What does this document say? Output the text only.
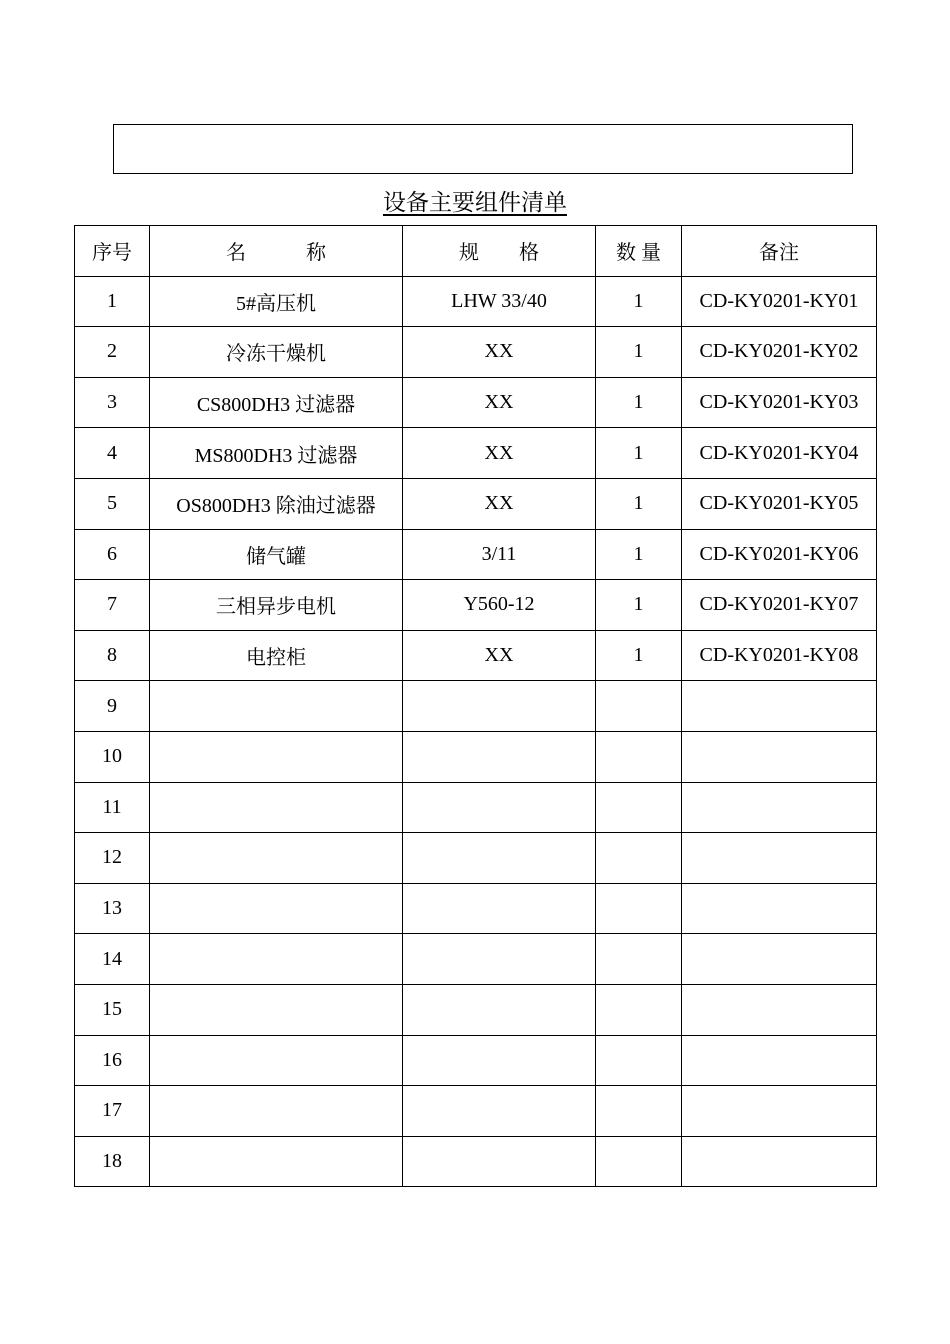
设备主要组件清单
序号	名　　　称	规　　格	数 量	备注
1	5#高压机	LHW 33/40	1	CD-KY0201-KY01
2	冷冻干燥机	XX	1	CD-KY0201-KY02
3	CS800DH3 过滤器	XX	1	CD-KY0201-KY03
4	MS800DH3 过滤器	XX	1	CD-KY0201-KY04
5	OS800DH3 除油过滤器	XX	1	CD-KY0201-KY05
6	储气罐	3/11	1	CD-KY0201-KY06
7	三相异步电机	Y560-12	1	CD-KY0201-KY07
8	电控柜	XX	1	CD-KY0201-KY08
9				
10				
11				
12				
13				
14				
15				
16				
17				
18				
